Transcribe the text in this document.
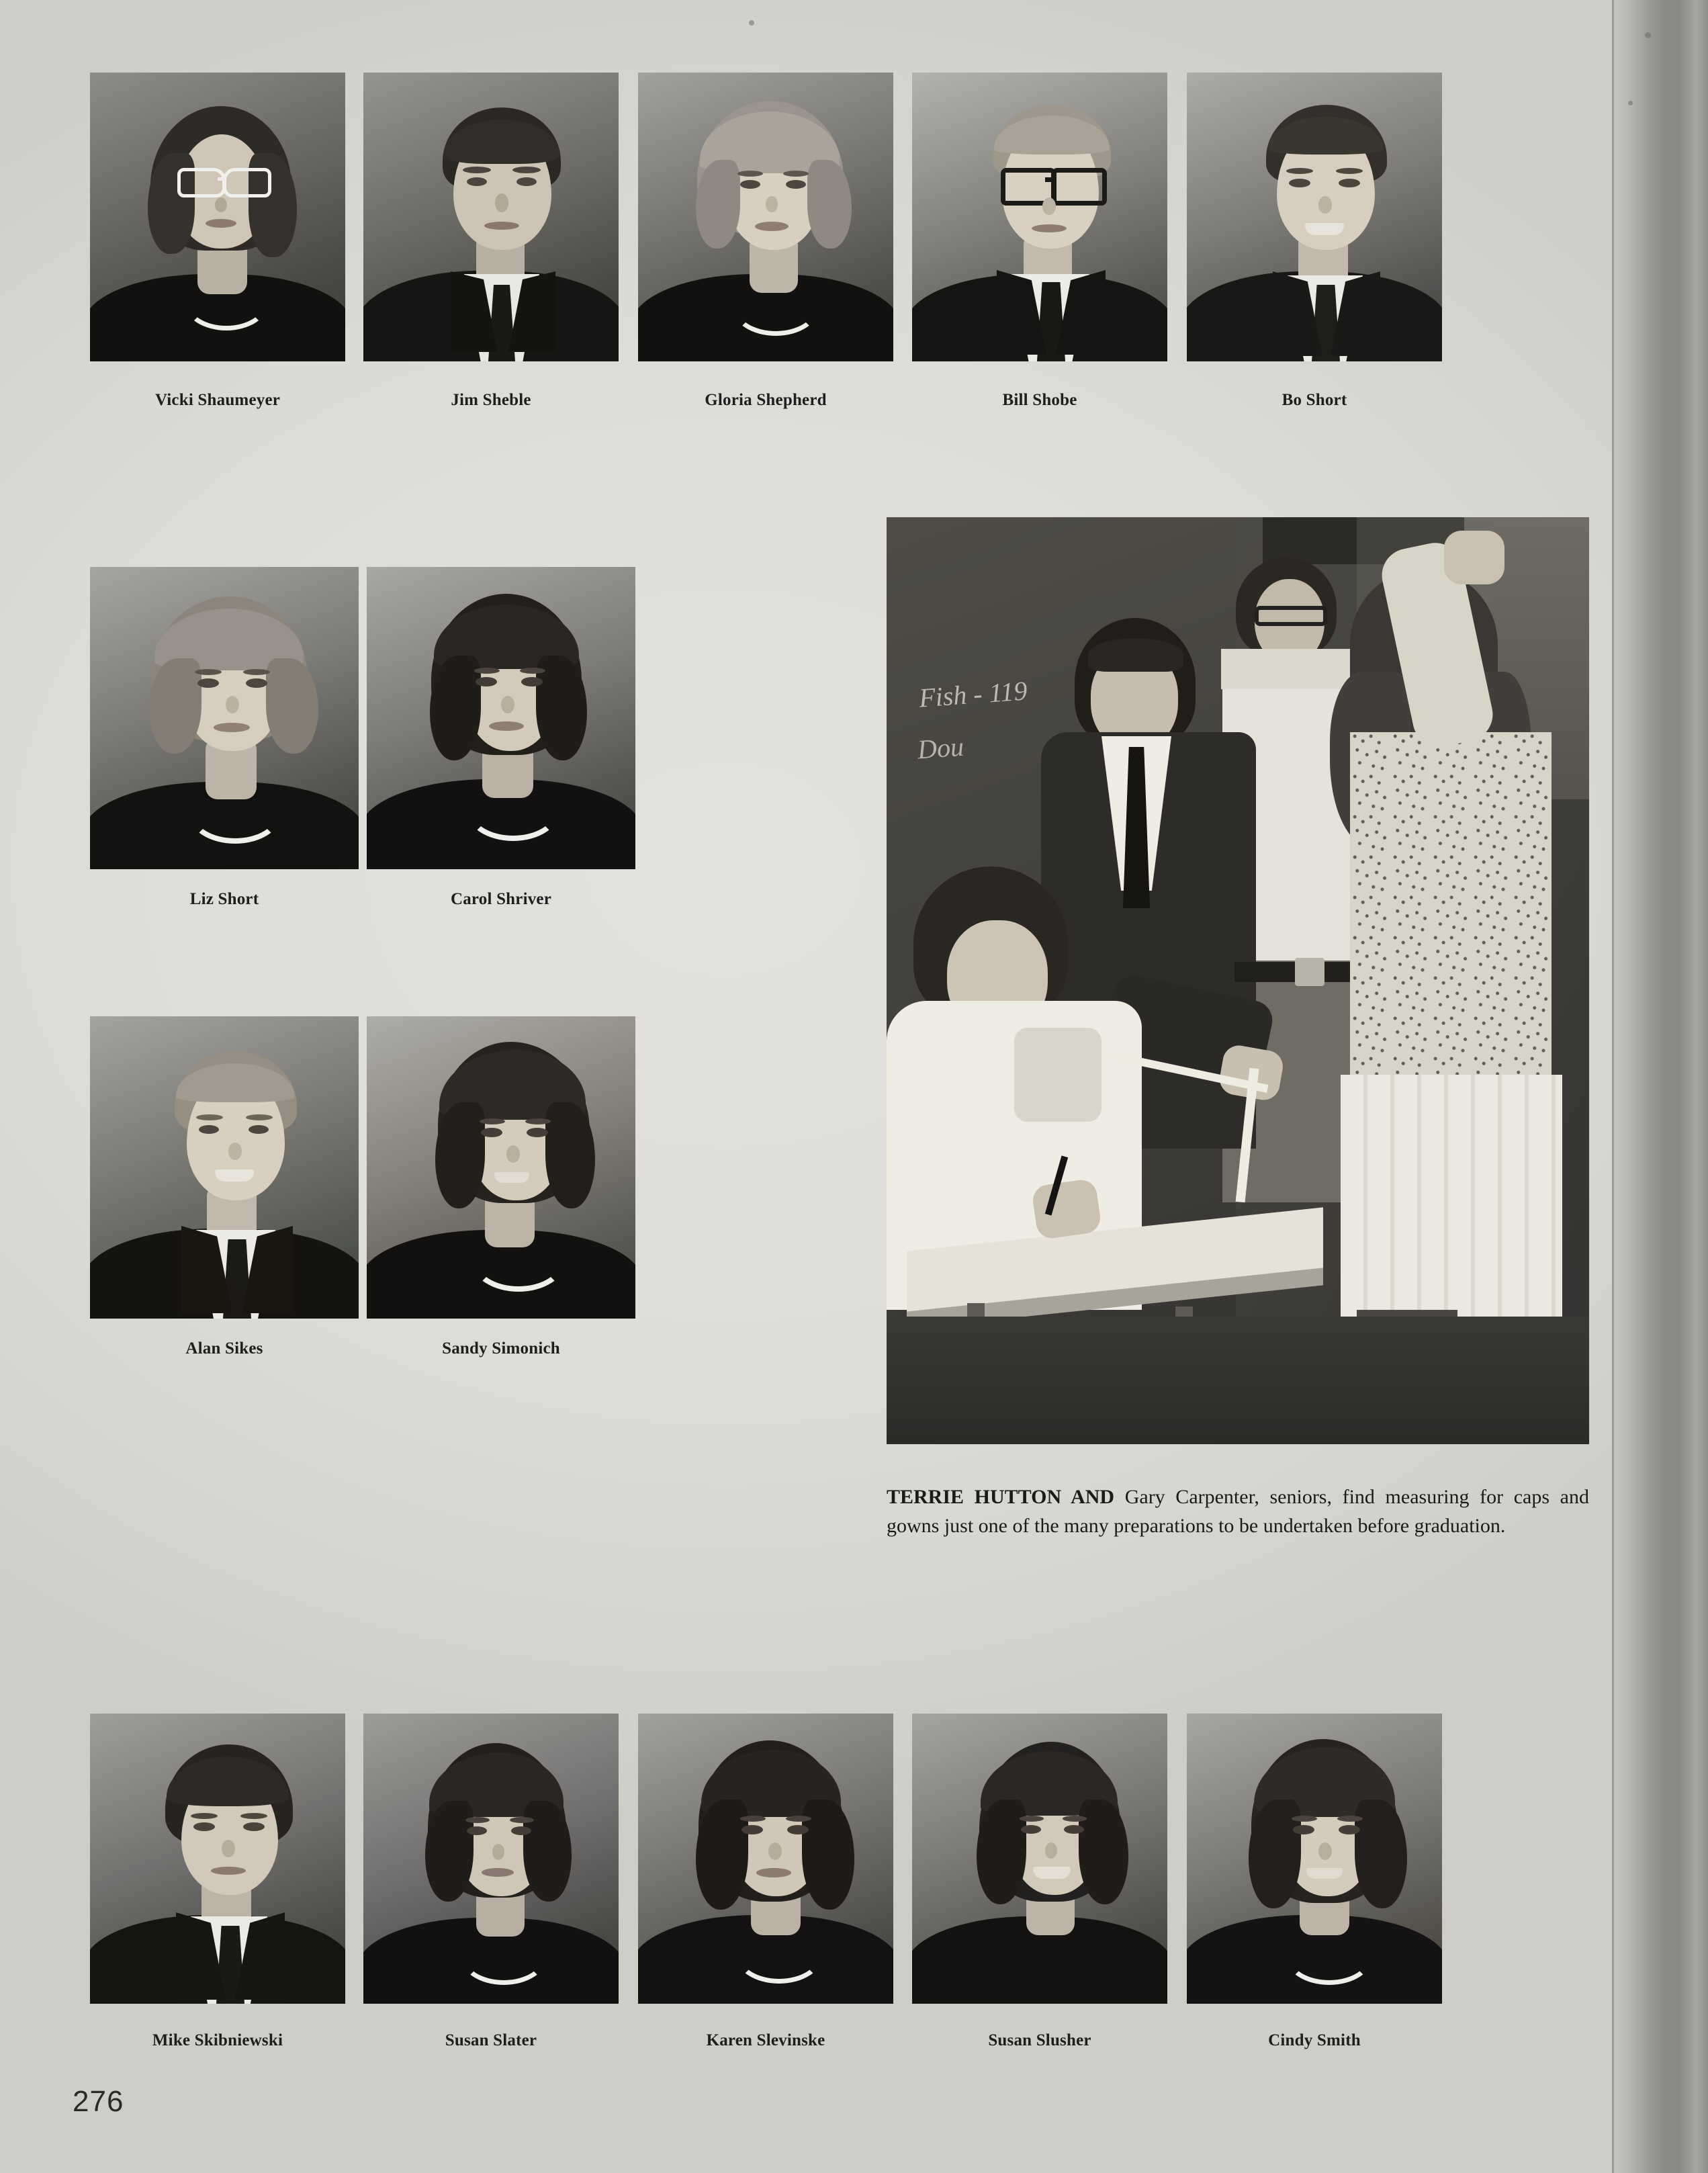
Vicki Shaumeyer	Jim Sheble	Gloria Shepherd	Bill Shobe	Bo Short
Liz Short	Carol Shriver
Alan Sikes	Sandy Simonich
Fish - 119
Dou

TERRIE HUTTON AND Gary Carpenter, seniors, find measuring for caps and gowns just one of the many preparations to be undertaken before graduation.

Mike Skibniewski	Susan Slater	Karen Slevinske	Susan Slusher	Cindy Smith
276
